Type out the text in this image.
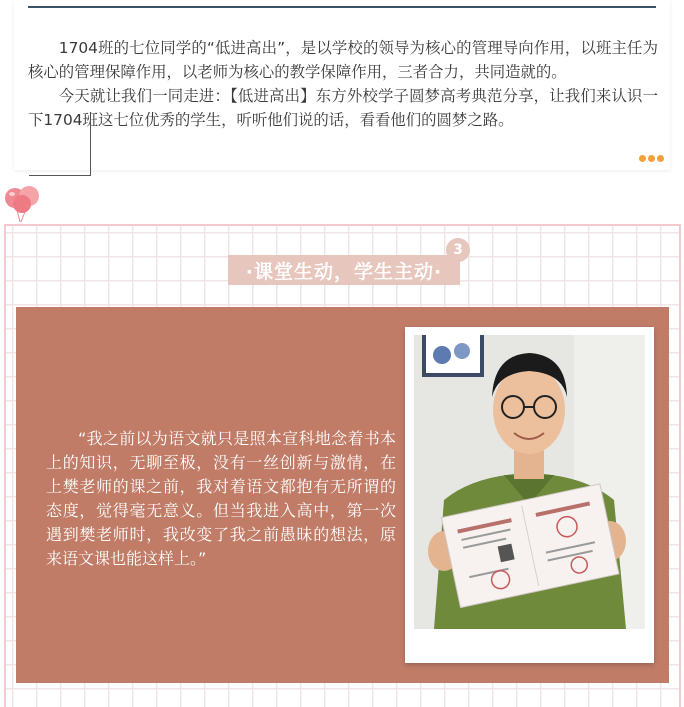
1704班的七位同学的“低进高出”，是以学校的领导为核心的管理导向作用，以班主任为核心的管理保障作用，以老师为核心的教学保障作用，三者合力，共同造就的。

今天就让我们一同走进：【低进高出】东方外校学子圆梦高考典范分享，让我们来认识一下1704班这七位优秀的学生，听听他们说的话，看看他们的圆梦之路。

·课堂生动，学生主动·
3
“我之前以为语文就只是照本宣科地念着书本上的知识，无聊至极，没有一丝创新与激情，在上樊老师的课之前，我对着语文都抱有无所谓的态度，觉得毫无意义。但当我进入高中，第一次遇到樊老师时，我改变了我之前愚昧的想法，原来语文课也能这样上。”
